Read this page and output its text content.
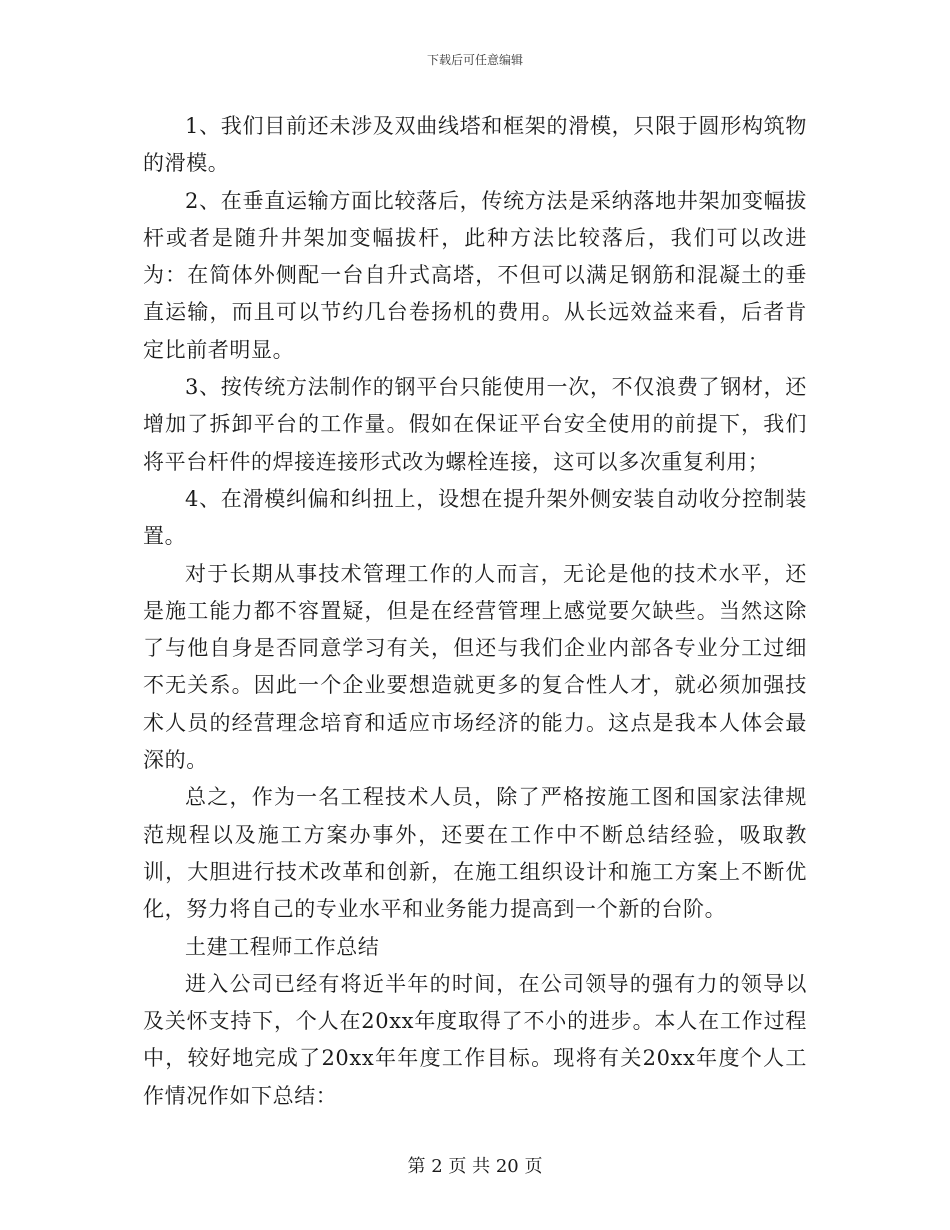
下载后可任意编辑

1、我们目前还未涉及双曲线塔和框架的滑模，只限于圆形构筑物的滑模。

2、在垂直运输方面比较落后，传统方法是采纳落地井架加变幅拔杆或者是随升井架加变幅拔杆，此种方法比较落后，我们可以改进为：在简体外侧配一台自升式高塔，不但可以满足钢筋和混凝土的垂直运输，而且可以节约几台卷扬机的费用。从长远效益来看，后者肯定比前者明显。

3、按传统方法制作的钢平台只能使用一次，不仅浪费了钢材，还增加了拆卸平台的工作量。假如在保证平台安全使用的前提下，我们将平台杆件的焊接连接形式改为螺栓连接，这可以多次重复利用；

4、在滑模纠偏和纠扭上，设想在提升架外侧安装自动收分控制装置。

对于长期从事技术管理工作的人而言，无论是他的技术水平，还是施工能力都不容置疑，但是在经营管理上感觉要欠缺些。当然这除了与他自身是否同意学习有关，但还与我们企业内部各专业分工过细不无关系。因此一个企业要想造就更多的复合性人才，就必须加强技术人员的经营理念培育和适应市场经济的能力。这点是我本人体会最深的。

总之，作为一名工程技术人员，除了严格按施工图和国家法律规范规程以及施工方案办事外，还要在工作中不断总结经验，吸取教训，大胆进行技术改革和创新，在施工组织设计和施工方案上不断优化，努力将自己的专业水平和业务能力提高到一个新的台阶。

土建工程师工作总结

进入公司已经有将近半年的时间，在公司领导的强有力的领导以及关怀支持下，个人在20xx年度取得了不小的进步。本人在工作过程中，较好地完成了20xx年年度工作目标。现将有关20xx年度个人工作情况作如下总结：

第 2 页 共 20 页
